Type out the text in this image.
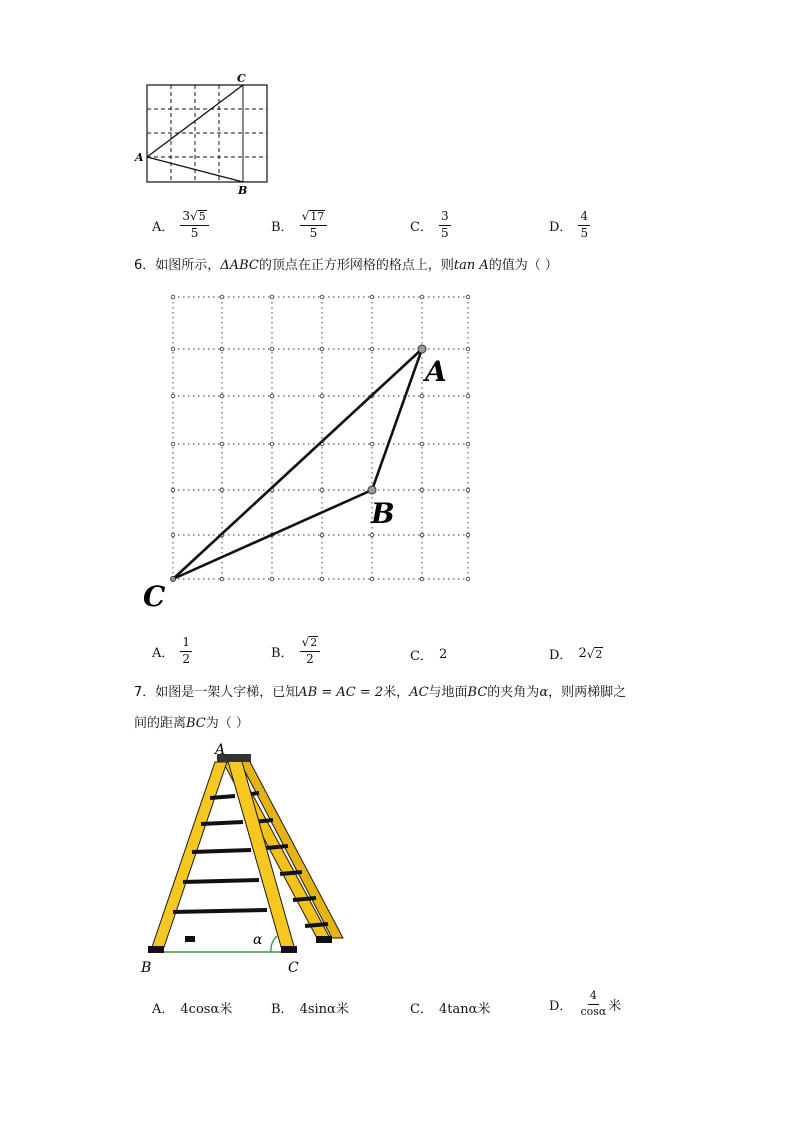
C
A
B
A． $\frac{3 √ 5}{5}$	B． $\frac{√ 17}{5}$	C． $\frac{3}{5}$	D． $\frac{4}{5}$
6．如图所示，ΔABC的顶点在正方形网格的格点上，则tan A的值为（ ）
A
B
C
A． $\frac{1}{2}$	B． $\frac{√ 2}{2}$	C． 2	D． 2 √ 2
7．如图是一架人字梯，已知AB = AC = 2米，AC与地面BC的夹角为α，则两梯脚之
间的距离BC为（ ）
A
B	C
α
A． 4cosα米	B． 4sinα米	C． 4tanα米	D． $\frac{4}{\cos\alpha}$ 米
